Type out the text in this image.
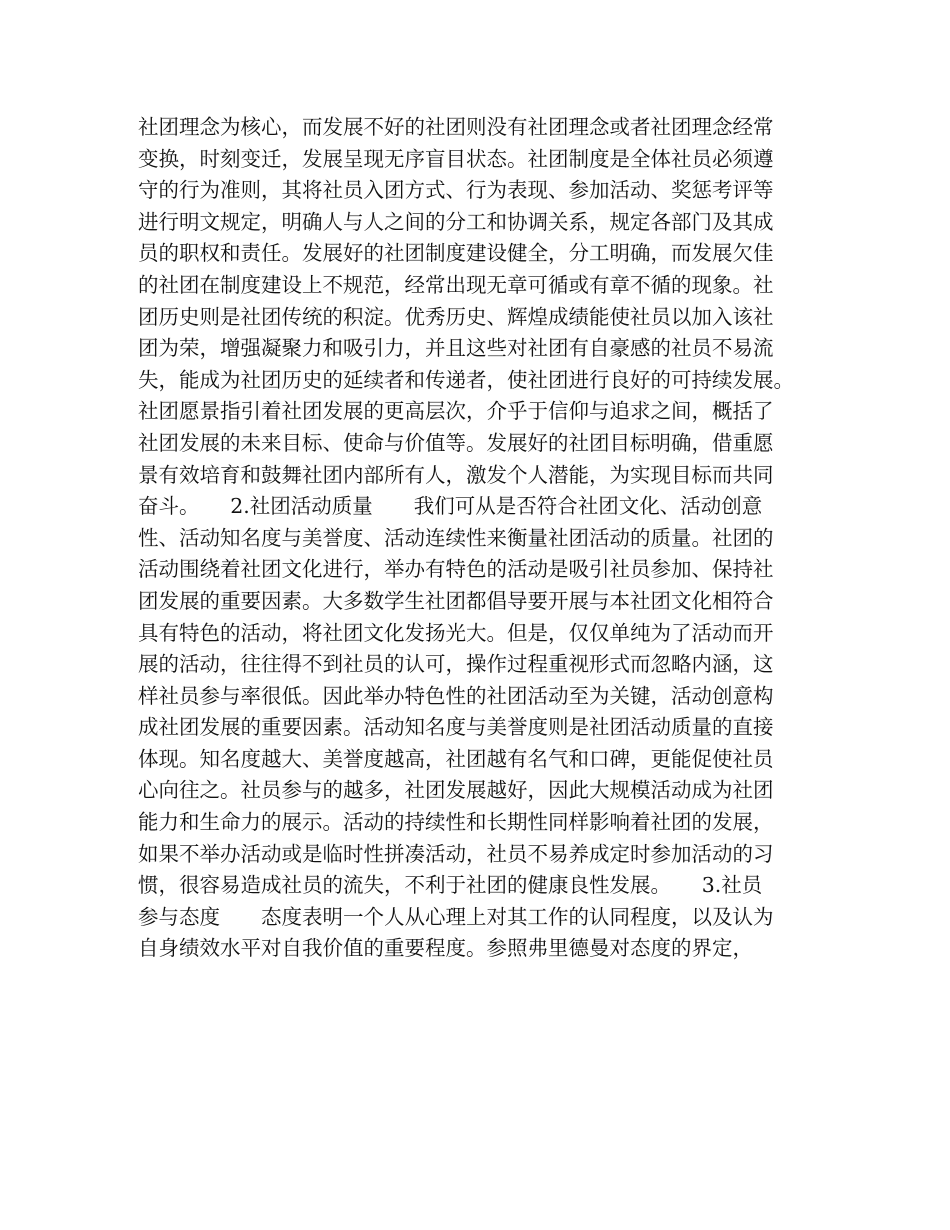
社团理念为核心，而发展不好的社团则没有社团理念或者社团理念经常
变换，时刻变迁，发展呈现无序盲目状态。社团制度是全体社员必须遵
守的行为准则，其将社员入团方式、行为表现、参加活动、奖惩考评等
进行明文规定，明确人与人之间的分工和协调关系，规定各部门及其成
员的职权和责任。发展好的社团制度建设健全，分工明确，而发展欠佳
的社团在制度建设上不规范，经常出现无章可循或有章不循的现象。社
团历史则是社团传统的积淀。优秀历史、辉煌成绩能使社员以加入该社
团为荣，增强凝聚力和吸引力，并且这些对社团有自豪感的社员不易流
失，能成为社团历史的延续者和传递者，使社团进行良好的可持续发展。
社团愿景指引着社团发展的更高层次，介乎于信仰与追求之间，概括了
社团发展的未来目标、使命与价值等。发展好的社团目标明确，借重愿
景有效培育和鼓舞社团内部所有人，激发个人潜能，为实现目标而共同
奋斗。　　2.社团活动质量　　我们可从是否符合社团文化、活动创意
性、活动知名度与美誉度、活动连续性来衡量社团活动的质量。社团的
活动围绕着社团文化进行，举办有特色的活动是吸引社员参加、保持社
团发展的重要因素。大多数学生社团都倡导要开展与本社团文化相符合
具有特色的活动，将社团文化发扬光大。但是，仅仅单纯为了活动而开
展的活动，往往得不到社员的认可，操作过程重视形式而忽略内涵，这
样社员参与率很低。因此举办特色性的社团活动至为关键，活动创意构
成社团发展的重要因素。活动知名度与美誉度则是社团活动质量的直接
体现。知名度越大、美誉度越高，社团越有名气和口碑，更能促使社员
心向往之。社员参与的越多，社团发展越好，因此大规模活动成为社团
能力和生命力的展示。活动的持续性和长期性同样影响着社团的发展，
如果不举办活动或是临时性拼凑活动，社员不易养成定时参加活动的习
惯，很容易造成社员的流失，不利于社团的健康良性发展。　　3.社员
参与态度　　态度表明一个人从心理上对其工作的认同程度，以及认为
自身绩效水平对自我价值的重要程度。参照弗里德曼对态度的界定，
